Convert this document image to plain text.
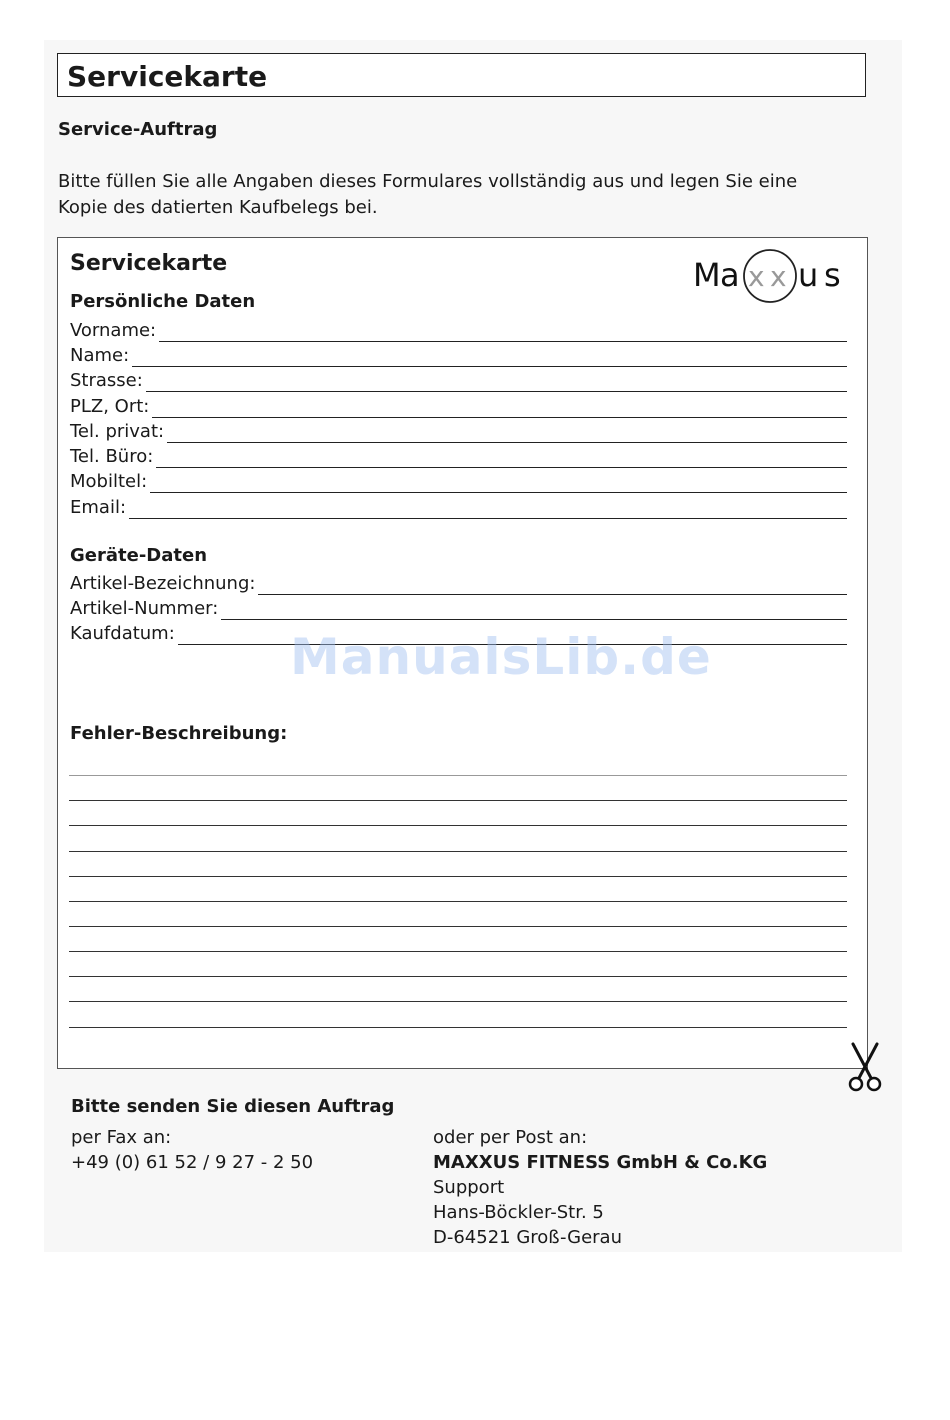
Servicekarte
Service-Auftrag
Bitte füllen Sie alle Angaben dieses Formulares vollständig aus und legen Sie eine
Kopie des datierten Kaufbelegs bei.
Servicekarte	M a x x u s
Persönliche Daten
Vorname:
Name:
Strasse:
PLZ, Ort:
Tel. privat:
Tel. Büro:
Mobiltel:
Email:
Geräte-Daten
Artikel-Bezeichnung:
Artikel-Nummer:
Kaufdatum: ManualsLib.de
Fehler-Beschreibung:
Bitte senden Sie diesen Auftrag
per Fax an:
+49 (0) 61 52 / 9 27 - 2 50
oder per Post an:
MAXXUS FITNESS GmbH & Co.KG
Support
Hans-Böckler-Str. 5
D-64521 Groß-Gerau
